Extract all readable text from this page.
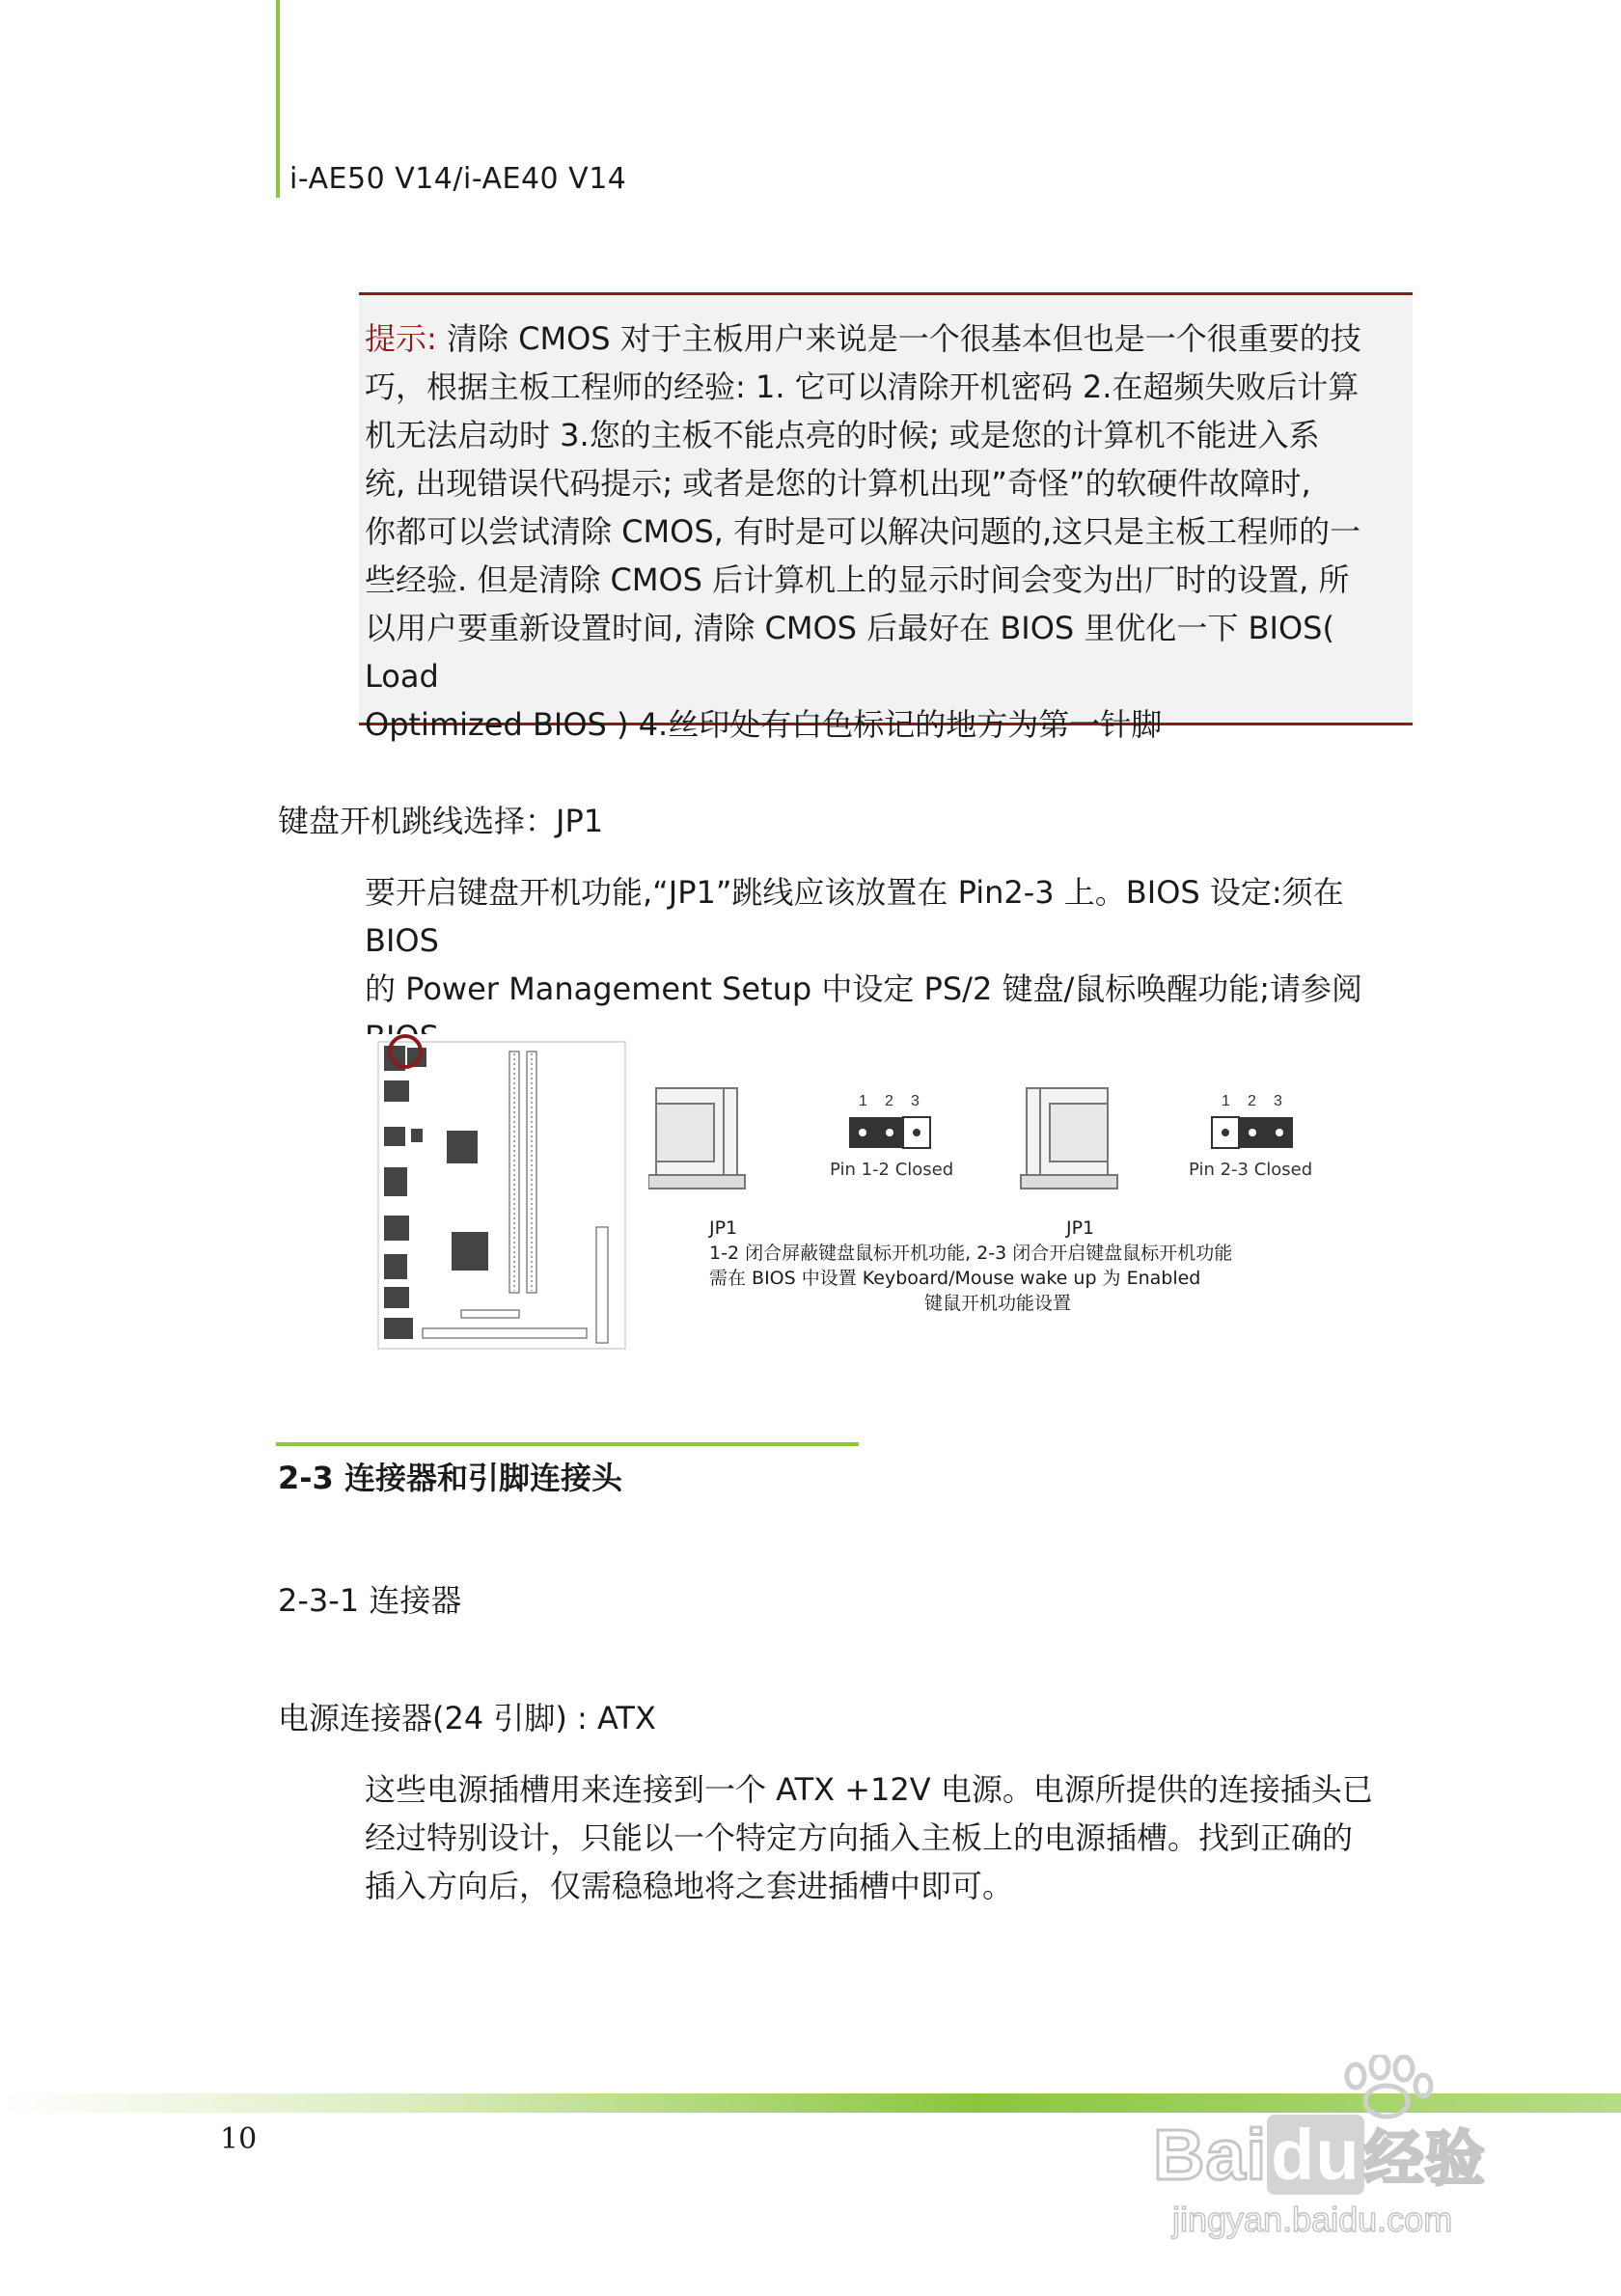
i-AE50 V14/i-AE40 V14
提示: 清除 CMOS 对于主板用户来说是一个很基本但也是一个很重要的技
巧，根据主板工程师的经验: 1. 它可以清除开机密码 2.在超频失败后计算
机无法启动时 3.您的主板不能点亮的时候; 或是您的计算机不能进入系
统, 出现错误代码提示; 或者是您的计算机出现”奇怪”的软硬件故障时,
你都可以尝试清除 CMOS, 有时是可以解决问题的,这只是主板工程师的一
些经验. 但是清除 CMOS 后计算机上的显示时间会变为出厂时的设置, 所
以用户要重新设置时间, 清除 CMOS 后最好在 BIOS 里优化一下 BIOS( Load
Optimized BIOS ) 4.丝印处有白色标记的地方为第一针脚
键盘开机跳线选择：JP1
要开启键盘开机功能,“JP1”跳线应该放置在 Pin2-3 上。BIOS 设定:须在 BIOS
的 Power Management Setup 中设定 PS/2 键盘/鼠标唤醒功能;请参阅
1 2 3
Pin 1-2 Closed
1 2 3
Pin 2-3 Closed
JP1	JP1
1-2 闭合屏蔽键盘鼠标开机功能, 2-3 闭合开启键盘鼠标开机功能
需在 BIOS 中设置 Keyboard/Mouse wake up 为 Enabled
键鼠开机功能设置
2-3 连接器和引脚连接头
2-3-1 连接器
电源连接器(24 引脚) : ATX
这些电源插槽用来连接到一个 ATX +12V 电源。电源所提供的连接插头已
经过特别设计，只能以一个特定方向插入主板上的电源插槽。找到正确的
插入方向后，仅需稳稳地将之套进插槽中即可。
10	Baidu经验
jingyan.baidu.com
